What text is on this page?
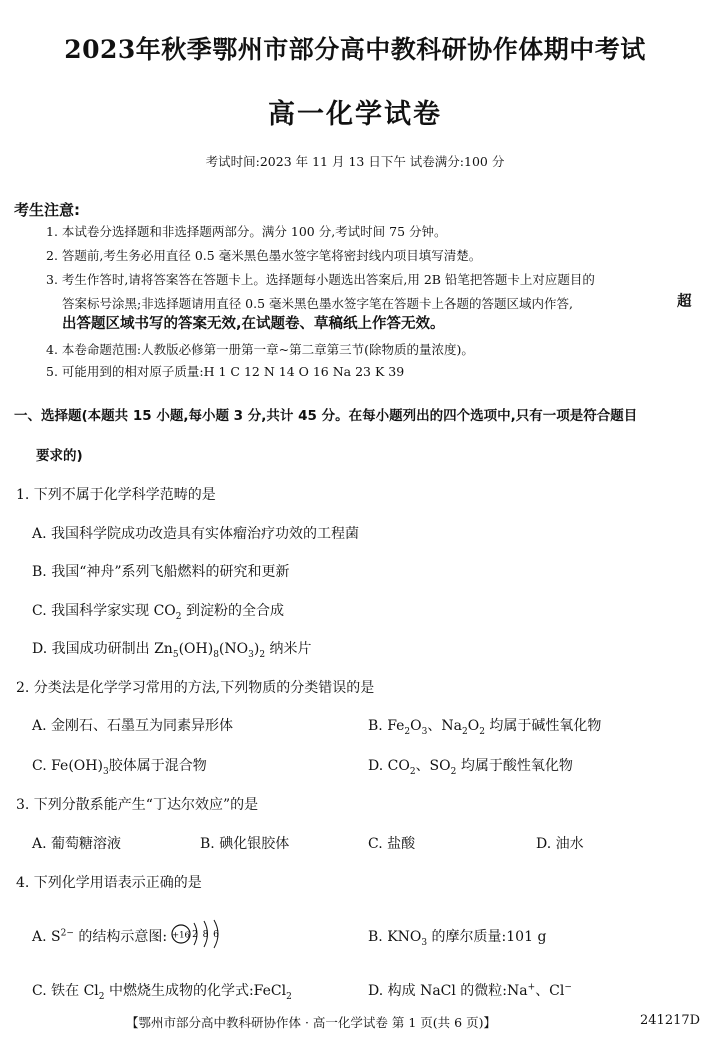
2023年秋季鄂州市部分高中教科研协作体期中考试
高一化学试卷
考试时间:2023 年 11 月 13 日下午 试卷满分:100 分
考生注意:
1. 本试卷分选择题和非选择题两部分。满分 100 分,考试时间 75 分钟。
2. 答题前,考生务必用直径 0.5 毫米黑色墨水签字笔将密封线内项目填写清楚。
3. 考生作答时,请将答案答在答题卡上。选择题每小题选出答案后,用 2B 铅笔把答题卡上对应题目的
答案标号涂黑;非选择题请用直径 0.5 毫米黑色墨水签字笔在答题卡上各题的答题区域内作答,	超
出答题区域书写的答案无效,在试题卷、草稿纸上作答无效。
4. 本卷命题范围:人教版必修第一册第一章~第二章第三节(除物质的量浓度)。
5. 可能用到的相对原子质量:H 1 C 12 N 14 O 16 Na 23 K 39
一、选择题(本题共 15 小题,每小题 3 分,共计 45 分。在每小题列出的四个选项中,只有一项是符合题目
要求的)
1. 下列不属于化学科学范畴的是
A. 我国科学院成功改造具有实体瘤治疗功效的工程菌
B. 我国“神舟”系列飞船燃料的研究和更新
C. 我国科学家实现 $CO_2$ 到淀粉的全合成
D. 我国成功研制出 $Zn_5(OH)_8(NO_3)_2$ 纳米片
2. 分类法是化学学习常用的方法,下列物质的分类错误的是
A. 金刚石、石墨互为同素异形体	B. $Fe_2O_3$、$Na_2O_2$ 均属于碱性氧化物
C. $Fe(OH)_3$胶体属于混合物	D. $CO_2$、$SO_2$ 均属于酸性氧化物
3. 下列分散系能产生“丁达尔效应”的是
A. 葡萄糖溶液	B. 碘化银胶体	C. 盐酸	D. 油水
4. 下列化学用语表示正确的是
A. $S^{2-}$ 的结构示意图: +16 2 8 6	B. $KNO_3$ 的摩尔质量:101 g
C. 铁在 $Cl_2$ 中燃烧生成物的化学式:FeCl$_2$	D. 构成 NaCl 的微粒:Na+、Cl−
【鄂州市部分高中教科研协作体 · 高一化学试卷 第 1 页(共 6 页)】	241217D
